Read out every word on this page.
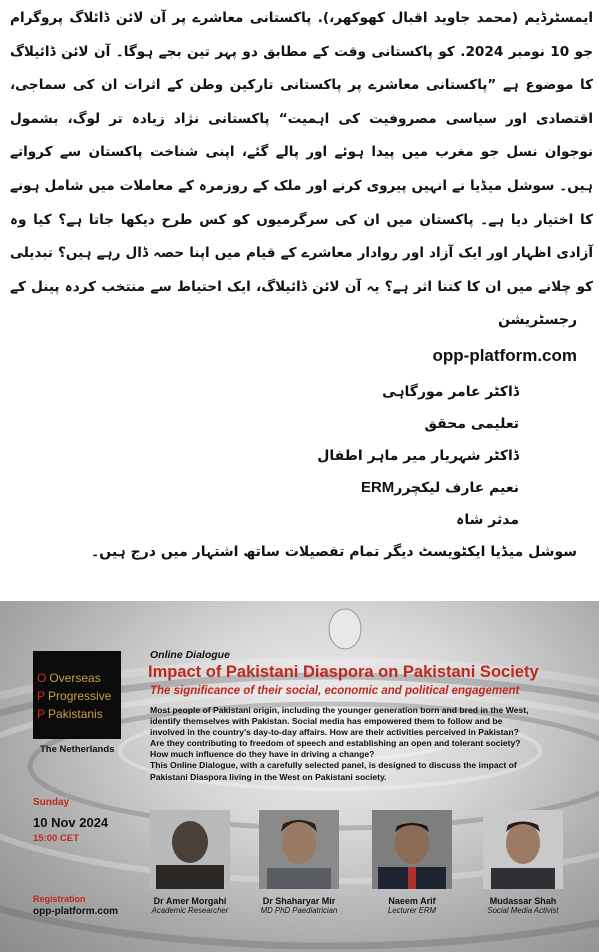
ایمسٹرڈیم (محمد جاوید اقبال کھوکھر،). پاکستانی معاشرے پر آن لائن ڈائلاگ پروگرام جو 10 نومبر 2024. کو پاکستانی وقت کے مطابق دو پہر تین بجے ہوگا۔ آن لائن ڈائیلاگ کا موضوع ہے ”پاکستانی معاشرے پر پاکستانی تارکین وطن کے اثرات ان کی سماجی، اقتصادی اور سیاسی مصروفیت کی اہمیت“ پاکستانی نژاد زیادہ تر لوگ، بشمول نوجوان نسل جو مغرب میں پیدا ہوئے اور پالے گئے، اپنی شناخت پاکستان سے کرواتے ہیں۔ سوشل میڈیا نے انہیں پیروی کرنے اور ملک کے روزمرہ کے معاملات میں شامل ہونے کا اختیار دیا ہے۔ پاکستان میں ان کی سرگرمیوں کو کس طرح دیکھا جاتا ہے؟ کیا وہ آزادی اظہار اور ایک آزاد اور روادار معاشرے کے قیام میں اپنا حصہ ڈال رہے ہیں؟ تبدیلی کو چلانے میں ان کا کتنا اثر ہے؟ یہ آن لائن ڈائیلاگ، ایک احتیاط سے منتخب کردہ پینل کے

رجسٹریشن
opp-platform.com
ڈاکٹر عامر مورگاہی
تعلیمی محقق
ڈاکٹر شہریار میر ماہر اطفال
نعیم عارف لیکچررERM
مدثر شاہ
سوشل میڈیا ایکٹویسٹ دیگر تمام تفصیلات ساتھ اشتہار میں درج ہیں۔
O Overseas
P Progressive
P Pakistanis
The Netherlands
Online Dialogue
Impact of Pakistani Diaspora on Pakistani Society
The significance of their social, economic and political engagement

Most people of Pakistani origin, including the younger generation born and bred in the West,

identify themselves with Pakistan. Social media has empowered them to follow and be

involved in the country's day-to-day affairs. How are their activities perceived in Pakistan?

Are they contributing to freedom of speech and establishing an open and tolerant society?

How much influence do they have in driving a change?

This Online Dialogue, with a carefully selected panel, is designed to discuss the impact of

Pakistani Diaspora living in the West on Pakistani society.

Sunday
10 Nov 2024
15:00 CET
Registration
opp-platform.com
Dr Amer Morgahi
Academic Researcher
Dr Shaharyar Mir
MD PhD Paediatrician
Naeem Arif
Lecturer ERM
Mudassar Shah
Social Media Activist
